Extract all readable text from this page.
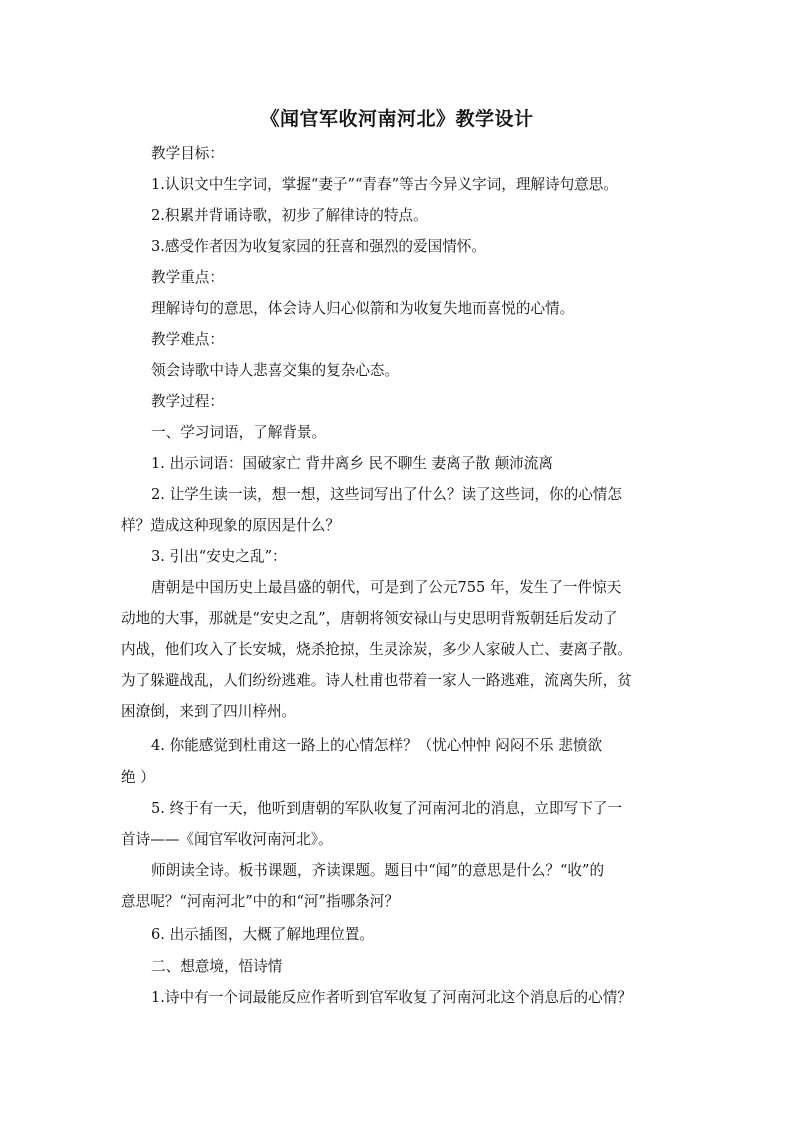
《闻官军收河南河北》教学设计
教学目标：
1.认识文中生字词，掌握“妻子”“青春”等古今异义字词，理解诗句意思。
2.积累并背诵诗歌，初步了解律诗的特点。
3.感受作者因为收复家园的狂喜和强烈的爱国情怀。
教学重点：
理解诗句的意思，体会诗人归心似箭和为收复失地而喜悦的心情。
教学难点：
领会诗歌中诗人悲喜交集的复杂心态。
教学过程：
一、学习词语，了解背景。
1. 出示词语：国破家亡 背井离乡 民不聊生 妻离子散 颠沛流离
2. 让学生读一读，想一想，这些词写出了什么？读了这些词，你的心情怎
样？造成这种现象的原因是什么？
3. 引出“安史之乱”：
唐朝是中国历史上最昌盛的朝代，可是到了公元755 年，发生了一件惊天
动地的大事，那就是“安史之乱”，唐朝将领安禄山与史思明背叛朝廷后发动了
内战，他们攻入了长安城，烧杀抢掠，生灵涂炭，多少人家破人亡、妻离子散。
为了躲避战乱，人们纷纷逃难。诗人杜甫也带着一家人一路逃难，流离失所，贫
困潦倒，来到了四川梓州。
4. 你能感觉到杜甫这一路上的心情怎样？（忧心忡忡 闷闷不乐 悲愤欲
绝 ）
5. 终于有一天，他听到唐朝的军队收复了河南河北的消息，立即写下了一
首诗——《闻官军收河南河北》。
师朗读全诗。板书课题，齐读课题。题目中“闻”的意思是什么？“收”的
意思呢？“河南河北”中的和“河”指哪条河？
6. 出示插图，大概了解地理位置。
二、想意境，悟诗情
1.诗中有一个词最能反应作者听到官军收复了河南河北这个消息后的心情？
